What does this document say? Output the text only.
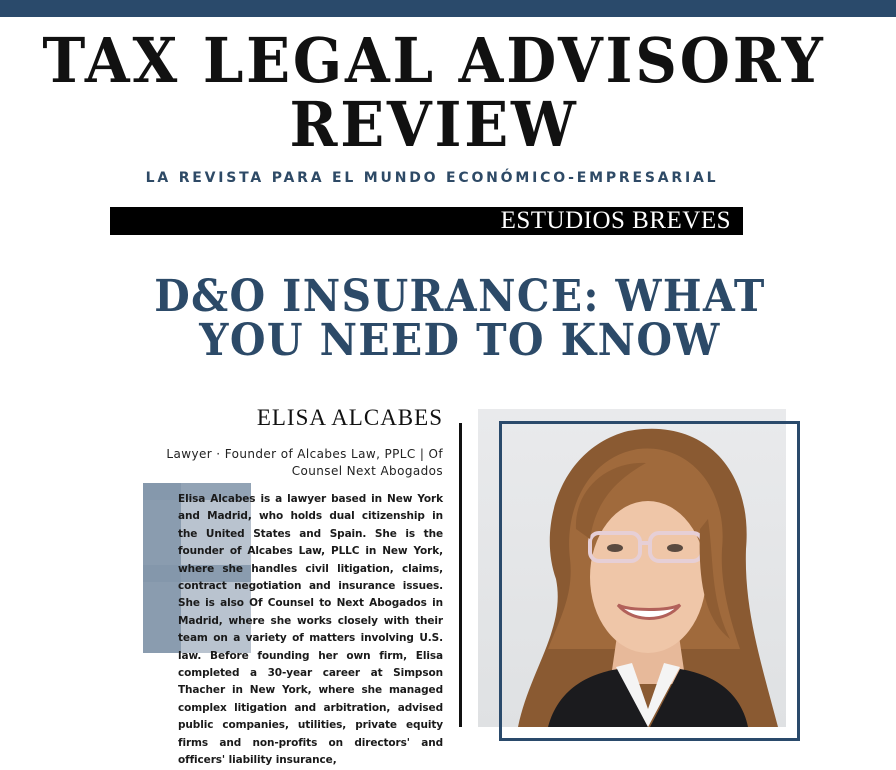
TAX LEGAL ADVISORY
REVIEW
LA REVISTA PARA EL MUNDO ECONÓMICO-EMPRESARIAL
ESTUDIOS BREVES
D&O INSURANCE: WHAT
YOU NEED TO KNOW
ELISA ALCABES
Lawyer · Founder of Alcabes Law, PPLC | Of Counsel Next Abogados
Elisa Alcabes is a lawyer based in New York and Madrid, who holds dual citizenship in the United States and Spain. She is the founder of Alcabes Law, PLLC in New York, where she handles civil litigation, claims, contract negotiation and insurance issues. She is also Of Counsel to Next Abogados in Madrid, where she works closely with their team on a variety of matters involving U.S. law. Before founding her own firm, Elisa completed a 30-year career at Simpson Thacher in New York, where she managed complex litigation and arbitration, advised public companies, utilities, private equity firms and non-profits on directors' and officers' liability insurance,
